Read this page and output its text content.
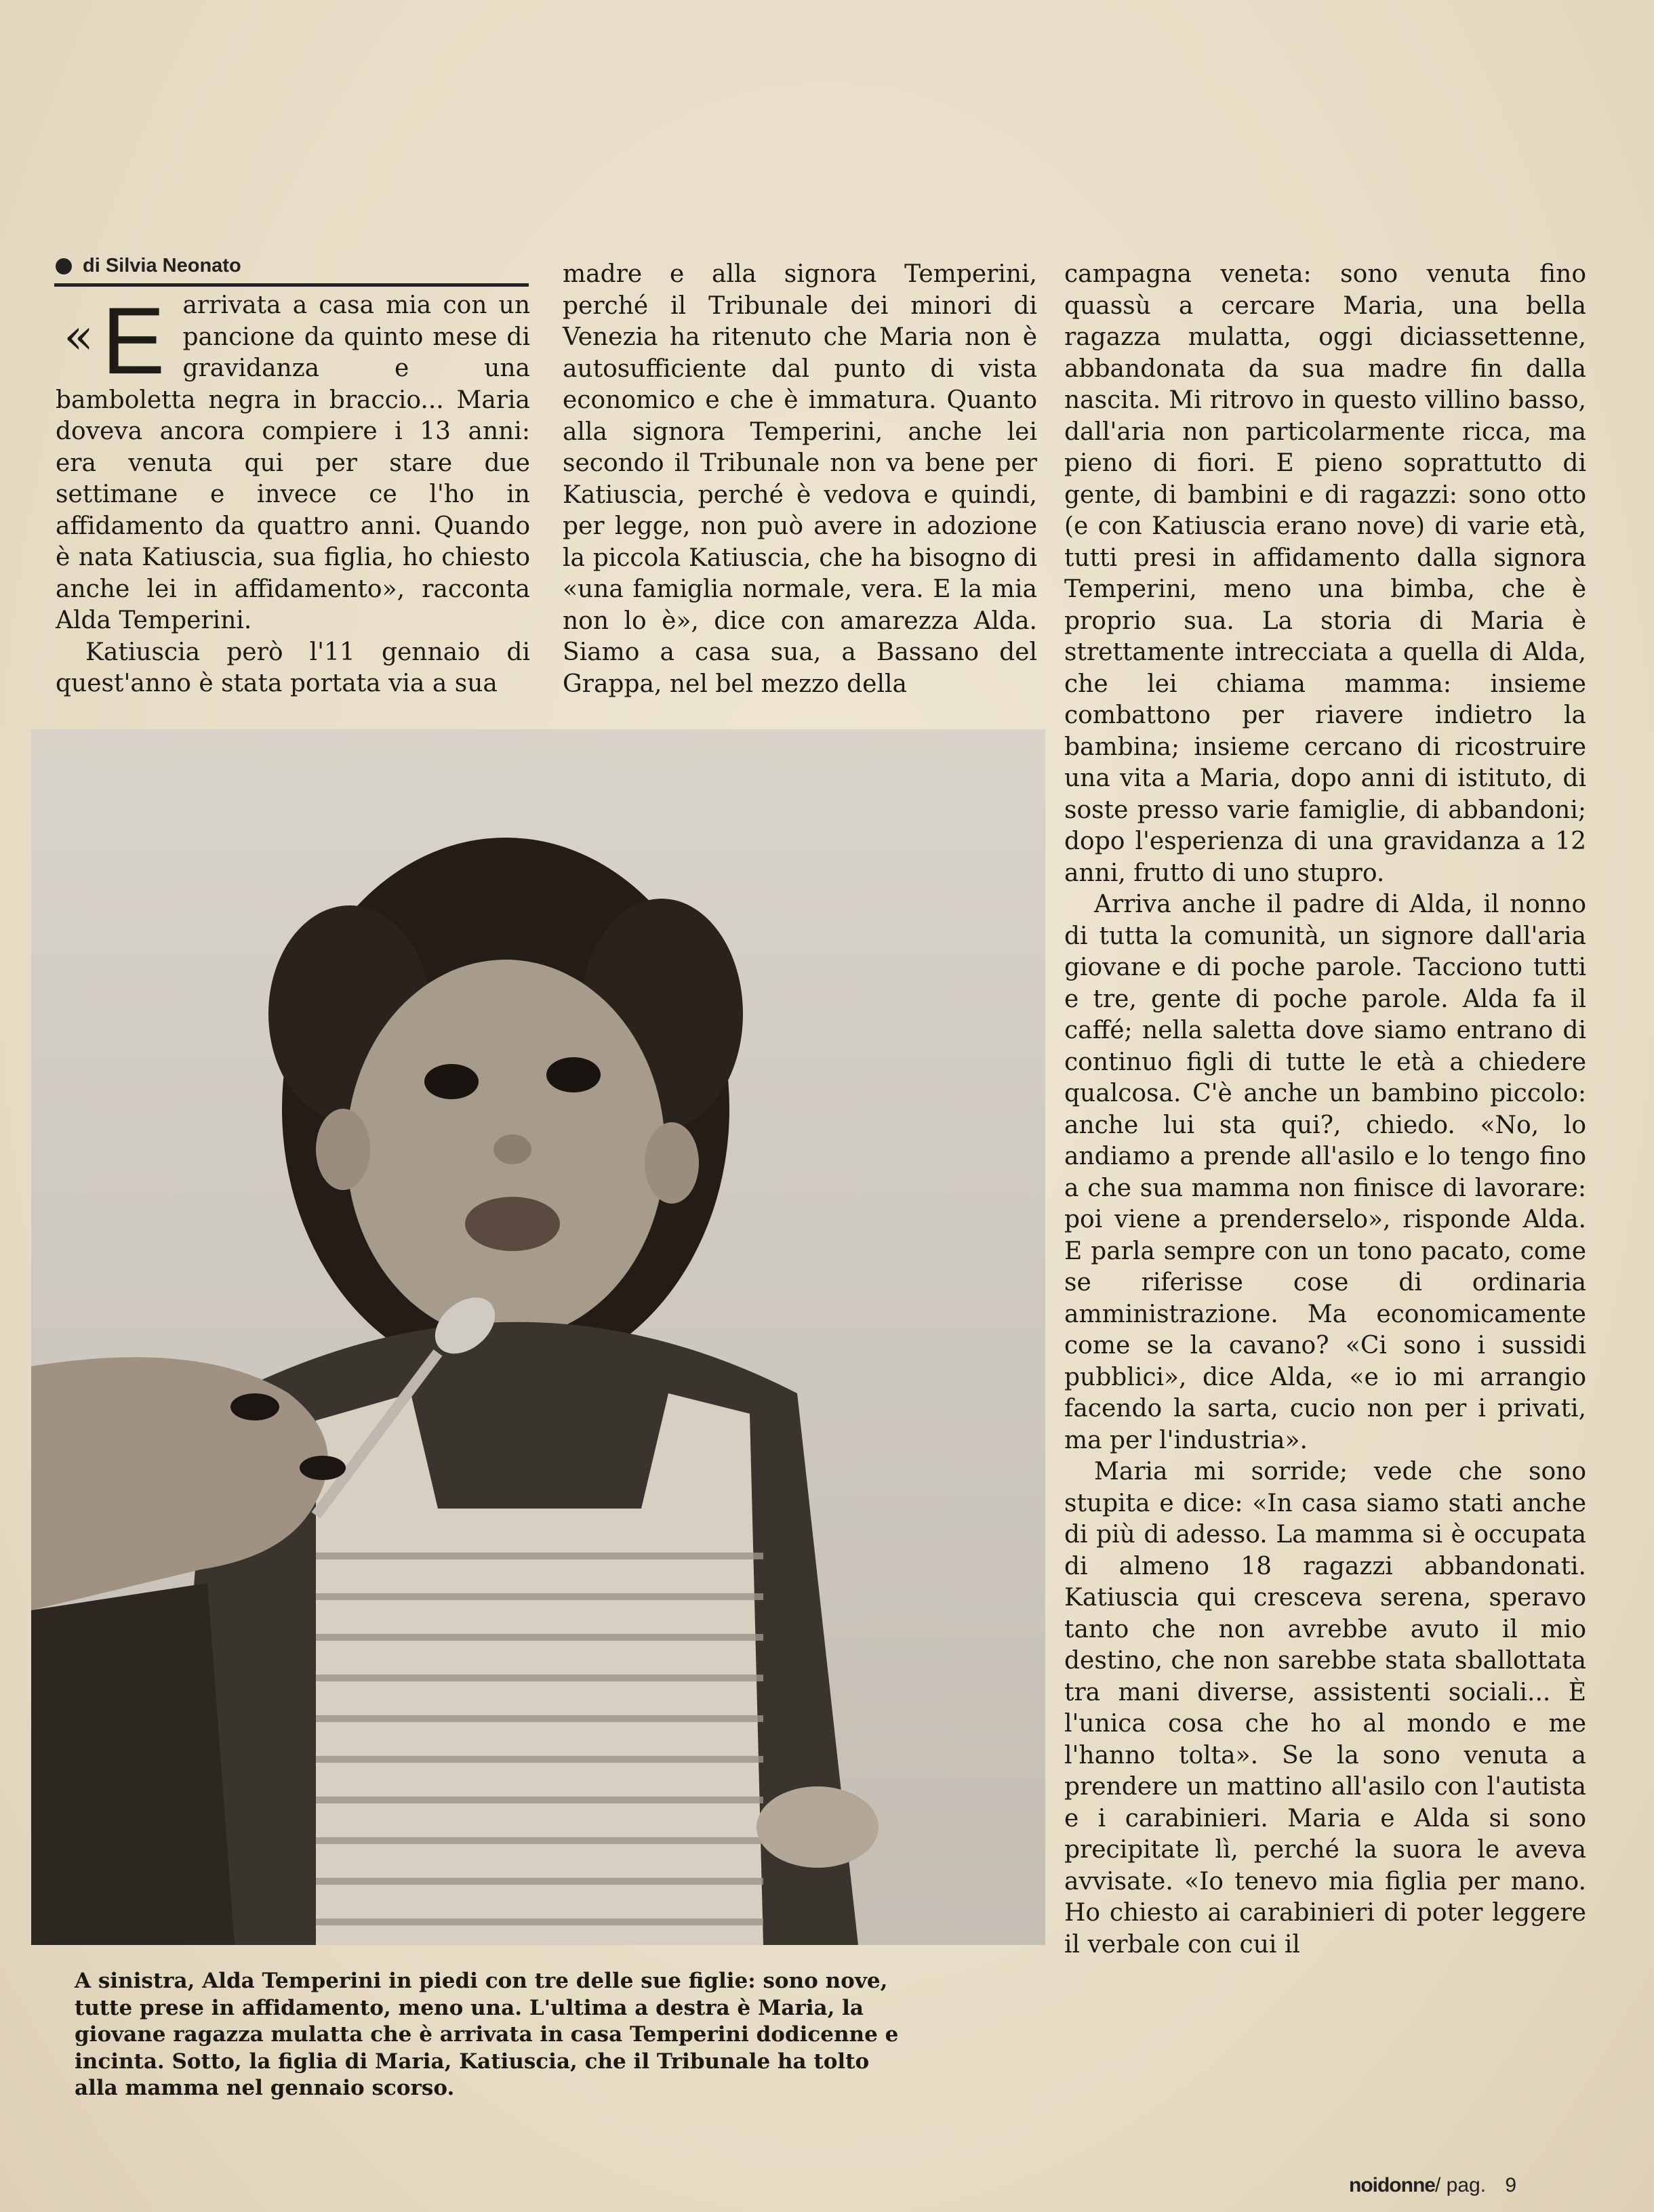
di Silvia Neonato

«E arrivata a casa mia con un pancione da quinto mese di gravidanza e una bamboletta negra in braccio... Maria doveva ancora compiere i 13 anni: era venuta qui per stare due settimane e invece ce l'ho in affidamento da quattro anni. Quando è nata Katiuscia, sua figlia, ho chiesto anche lei in affidamento», racconta Alda Temperini.

Katiuscia però l'11 gennaio di quest'anno è stata portata via a sua

madre e alla signora Temperini, perché il Tribunale dei minori di Venezia ha ritenuto che Maria non è autosufficiente dal punto di vista economico e che è immatura. Quanto alla signora Temperini, anche lei secondo il Tribunale non va bene per Katiuscia, perché è vedova e quindi, per legge, non può avere in adozione la piccola Katiuscia, che ha bisogno di «una famiglia normale, vera. E la mia non lo è», dice con amarezza Alda. Siamo a casa sua, a Bassano del Grappa, nel bel mezzo della

campagna veneta: sono venuta fino quassù a cercare Maria, una bella ragazza mulatta, oggi diciassettenne, abbandonata da sua madre fin dalla nascita. Mi ritrovo in questo villino basso, dall'aria non particolarmente ricca, ma pieno di fiori. E pieno soprattutto di gente, di bambini e di ragazzi: sono otto (e con Katiuscia erano nove) di varie età, tutti presi in affidamento dalla signora Temperini, meno una bimba, che è proprio sua. La storia di Maria è strettamente intrecciata a quella di Alda, che lei chiama mamma: insieme combattono per riavere indietro la bambina; insieme cercano di ricostruire una vita a Maria, dopo anni di istituto, di soste presso varie famiglie, di abbandoni; dopo l'esperienza di una gravidanza a 12 anni, frutto di uno stupro.

Arriva anche il padre di Alda, il nonno di tutta la comunità, un signore dall'aria giovane e di poche parole. Tacciono tutti e tre, gente di poche parole. Alda fa il caffé; nella saletta dove siamo entrano di continuo figli di tutte le età a chiedere qualcosa. C'è anche un bambino piccolo: anche lui sta qui?, chiedo. «No, lo andiamo a prende all'asilo e lo tengo fino a che sua mamma non finisce di lavorare: poi viene a prenderselo», risponde Alda. E parla sempre con un tono pacato, come se riferisse cose di ordinaria amministrazione. Ma economicamente come se la cavano? «Ci sono i sussidi pubblici», dice Alda, «e io mi arrangio facendo la sarta, cucio non per i privati, ma per l'industria».

Maria mi sorride; vede che sono stupita e dice: «In casa siamo stati anche di più di adesso. La mamma si è occupata di almeno 18 ragazzi abbandonati. Katiuscia qui cresceva serena, speravo tanto che non avrebbe avuto il mio destino, che non sarebbe stata sballottata tra mani diverse, assistenti sociali... È l'unica cosa che ho al mondo e me l'hanno tolta». Se la sono venuta a prendere un mattino all'asilo con l'autista e i carabinieri. Maria e Alda si sono precipitate lì, perché la suora le aveva avvisate. «Io tenevo mia figlia per mano. Ho chiesto ai carabinieri di poter leggere il verbale con cui il

A sinistra, Alda Temperini in piedi con tre delle sue figlie: sono nove, tutte prese in affidamento, meno una. L'ultima a destra è Maria, la giovane ragazza mulatta che è arrivata in casa Temperini dodicenne e incinta. Sotto, la figlia di Maria, Katiuscia, che il Tribunale ha tolto alla mamma nel gennaio scorso.
noidonne/ pag. 9
